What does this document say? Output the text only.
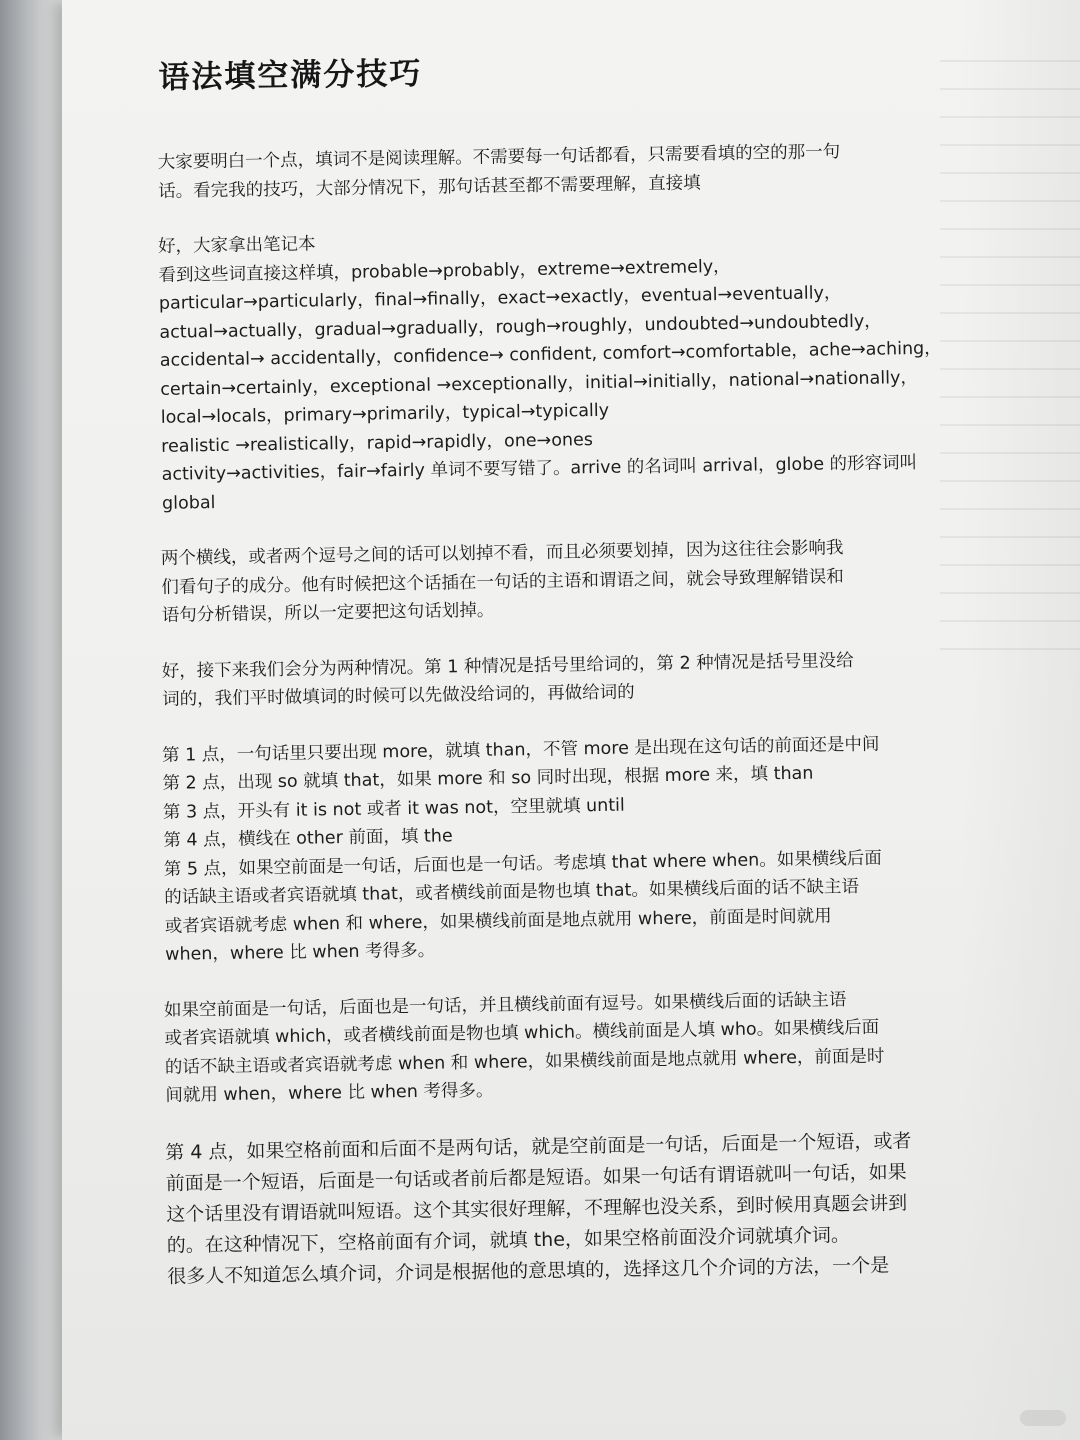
语法填空满分技巧
大家要明白一个点，填词不是阅读理解。不需要每一句话都看，只需要看填的空的那一句
话。看完我的技巧，大部分情况下，那句话甚至都不需要理解，直接填
好，大家拿出笔记本
看到这些词直接这样填，probable→probably，extreme→extremely，
particular→particularly，final→finally，exact→exactly，eventual→eventually，
actual→actually，gradual→gradually，rough→roughly，undoubted→undoubtedly，
accidental→ accidentally，confidence→ confident, comfort→comfortable，ache→aching，
certain→certainly，exceptional →exceptionally，initial→initially，national→nationally，
local→locals，primary→primarily，typical→typically
realistic →realistically，rapid→rapidly，one→ones
activity→activities，fair→fairly 单词不要写错了。arrive 的名词叫 arrival，globe 的形容词叫
global
两个横线，或者两个逗号之间的话可以划掉不看，而且必须要划掉，因为这往往会影响我
们看句子的成分。他有时候把这个话插在一句话的主语和谓语之间，就会导致理解错误和
语句分析错误，所以一定要把这句话划掉。
好，接下来我们会分为两种情况。第 1 种情况是括号里给词的，第 2 种情况是括号里没给
词的，我们平时做填词的时候可以先做没给词的，再做给词的
第 1 点，一句话里只要出现 more，就填 than，不管 more 是出现在这句话的前面还是中间
第 2 点，出现 so 就填 that，如果 more 和 so 同时出现，根据 more 来，填 than
第 3 点，开头有 it is not 或者 it was not，空里就填 until
第 4 点，横线在 other 前面，填 the
第 5 点，如果空前面是一句话，后面也是一句话。考虑填 that where when。如果横线后面
的话缺主语或者宾语就填 that，或者横线前面是物也填 that。如果横线后面的话不缺主语
或者宾语就考虑 when 和 where，如果横线前面是地点就用 where，前面是时间就用
when，where 比 when 考得多。
如果空前面是一句话，后面也是一句话，并且横线前面有逗号。如果横线后面的话缺主语
或者宾语就填 which，或者横线前面是物也填 which。横线前面是人填 who。如果横线后面
的话不缺主语或者宾语就考虑 when 和 where，如果横线前面是地点就用 where，前面是时
间就用 when，where 比 when 考得多。
第 4 点，如果空格前面和后面不是两句话，就是空前面是一句话，后面是一个短语，或者
前面是一个短语，后面是一句话或者前后都是短语。如果一句话有谓语就叫一句话，如果
这个话里没有谓语就叫短语。这个其实很好理解，不理解也没关系，到时候用真题会讲到
的。在这种情况下，空格前面有介词，就填 the，如果空格前面没介词就填介词。
很多人不知道怎么填介词，介词是根据他的意思填的，选择这几个介词的方法，一个是
